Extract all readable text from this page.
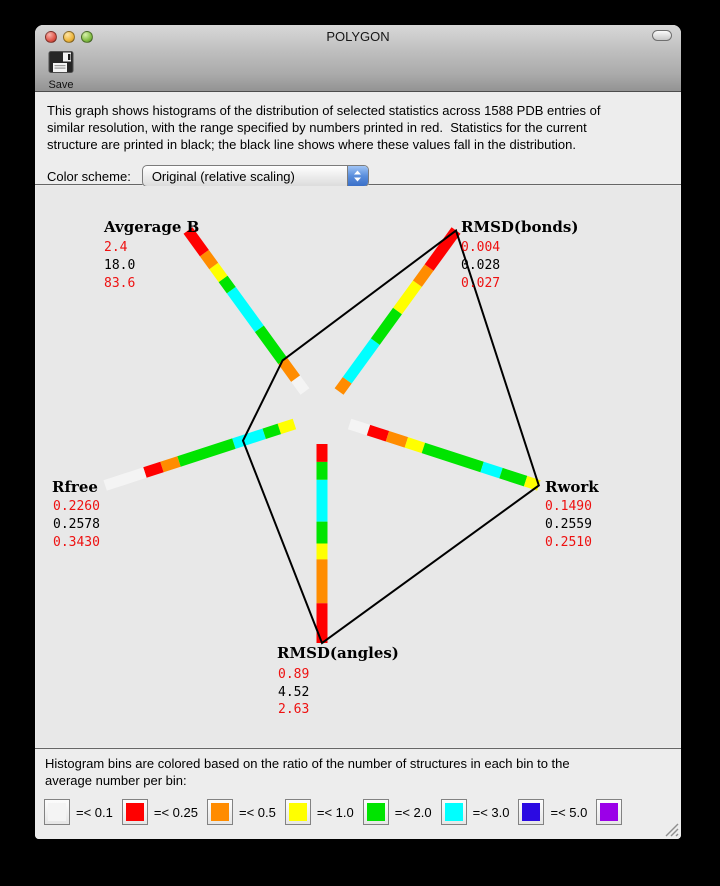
POLYGON
Save
This graph shows histograms of the distribution of selected statistics across 1588 PDB entries of
similar resolution, with the range specified by numbers printed in red.  Statistics for the current
structure are printed in black; the black line shows where these values fall in the distribution.
Color scheme: Original (relative scaling)
Avgerage B
2.4
18.0
83.6
RMSD(bonds)
0.004
0.028
0.027
Rwork
0.1490
0.2559
0.2510
RMSD(angles)
0.89
4.52
2.63
Rfree
0.2260
0.2578
0.3430
Histogram bins are colored based on the ratio of the number of structures in each bin to the
average number per bin:
=< 0.1	=< 0.25	=< 0.5	=< 1.0	=< 2.0	=< 3.0	=< 5.0
